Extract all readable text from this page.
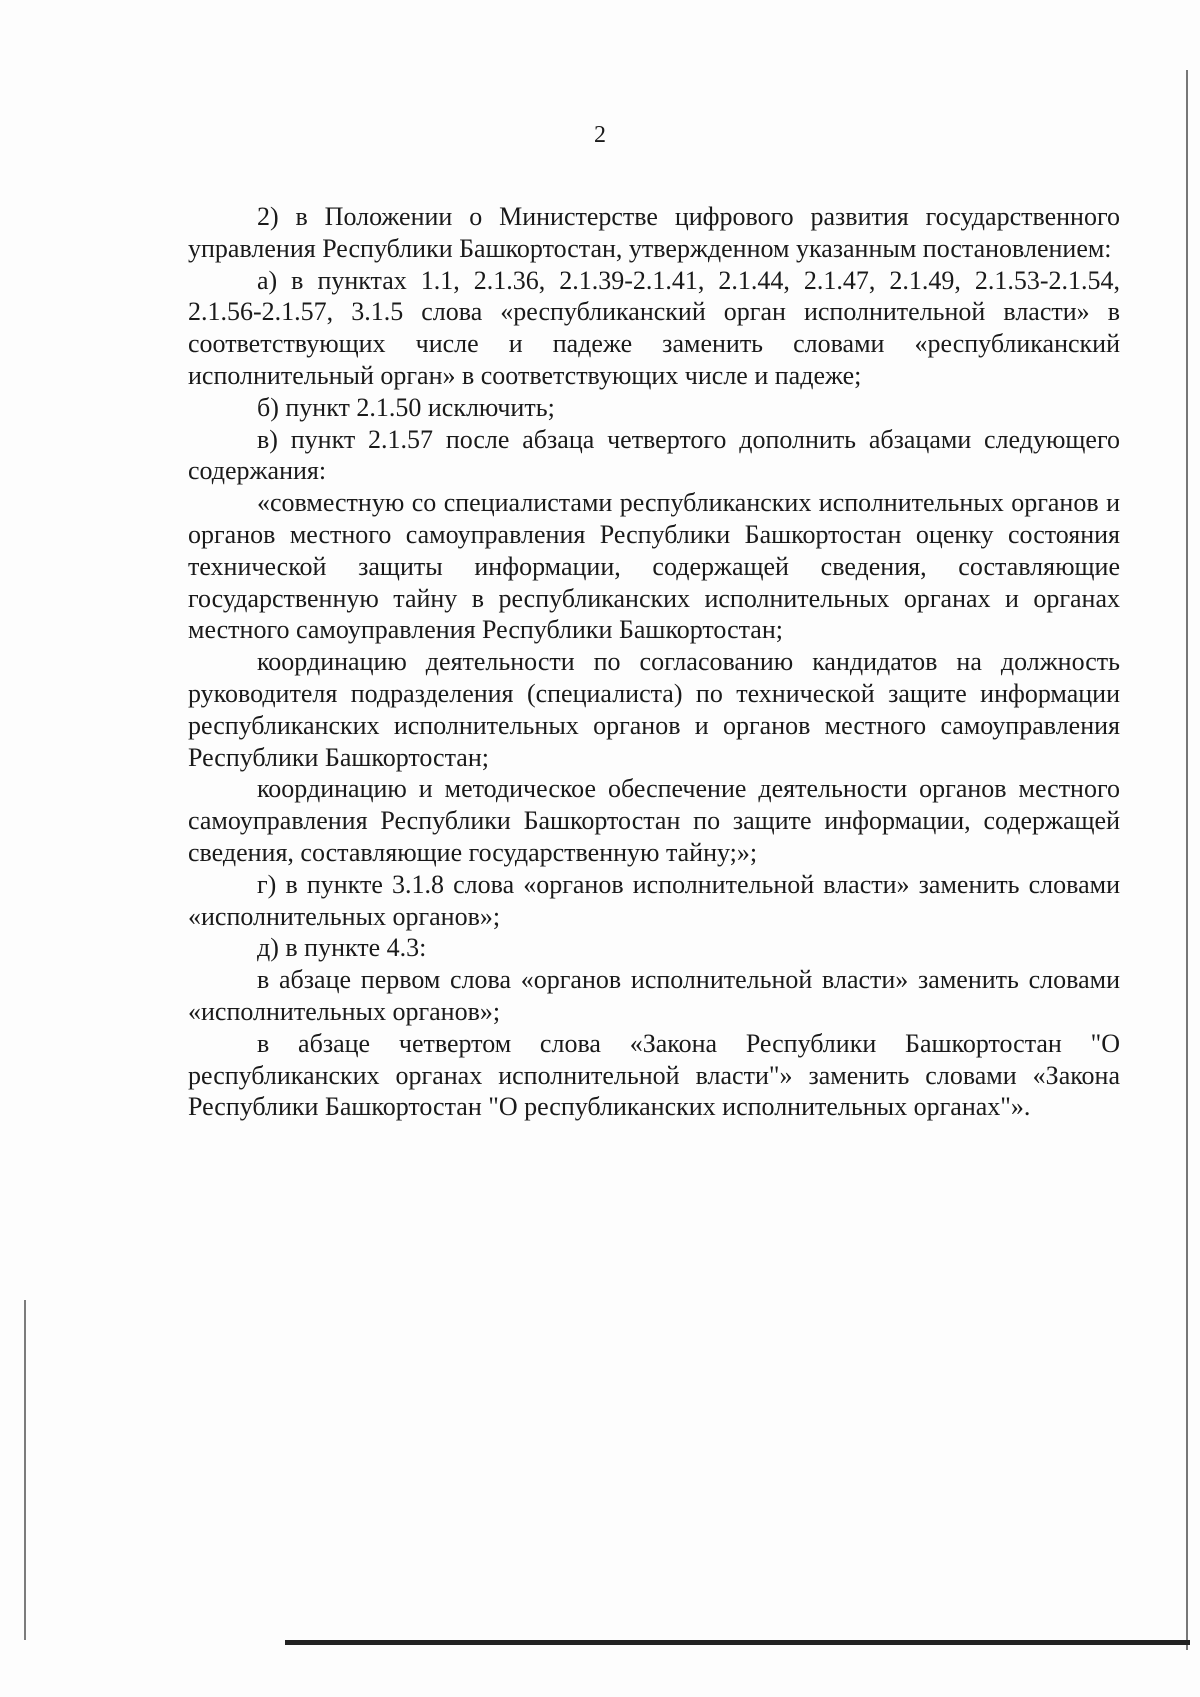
2

2) в Положении о Министерстве цифрового развития государственного управления Республики Башкортостан, утвержденном указанным постановлением:

а) в пунктах 1.1, 2.1.36, 2.1.39-2.1.41, 2.1.44, 2.1.47, 2.1.49, 2.1.53-2.1.54, 2.1.56-2.1.57, 3.1.5 слова «республиканский орган исполнительной власти» в соответствующих числе и падеже заменить словами «республиканский исполнительный орган» в соответствующих числе и падеже;

б) пункт 2.1.50 исключить;

в) пункт 2.1.57 после абзаца четвертого дополнить абзацами следующего содержания:

«совместную со специалистами республиканских исполнительных органов и органов местного самоуправления Республики Башкортостан оценку состояния технической защиты информации, содержащей сведения, составляющие государственную тайну в республиканских исполнительных органах и органах местного самоуправления Республики Башкортостан;

координацию деятельности по согласованию кандидатов на должность руководителя подразделения (специалиста) по технической защите информации республиканских исполнительных органов и органов местного самоуправления Республики Башкортостан;

координацию и методическое обеспечение деятельности органов местного самоуправления Республики Башкортостан по защите информации, содержащей сведения, составляющие государственную тайну;»;

г) в пункте 3.1.8 слова «органов исполнительной власти» заменить словами «исполнительных органов»;

д) в пункте 4.3:

в абзаце первом слова «органов исполнительной власти» заменить словами «исполнительных органов»;

в абзаце четвертом слова «Закона Республики Башкортостан "О республиканских органах исполнительной власти"» заменить словами «Закона Республики Башкортостан "О республиканских исполнительных органах"».
